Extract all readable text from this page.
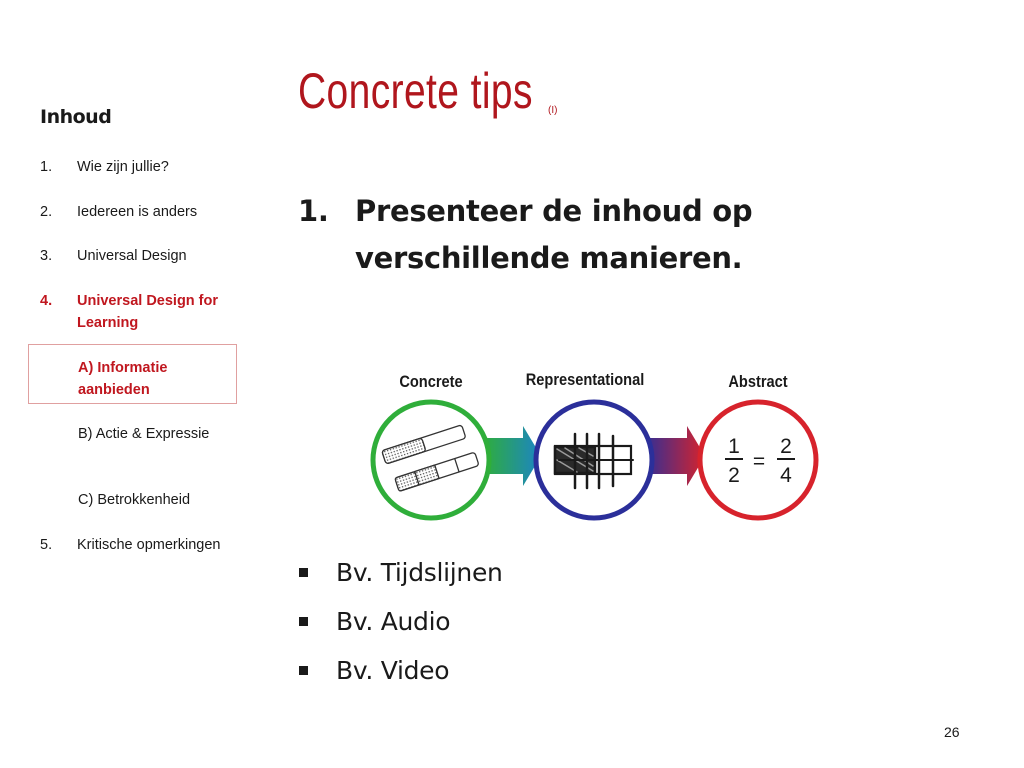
Inhoud
1. Wie zijn jullie?
2. Iedereen is anders
3. Universal Design
4. Universal Design for Learning
A) Informatie aanbieden
B) Actie & Expressie
C) Betrokkenheid
5. Kritische opmerkingen
Concrete tips (I)
1. Presenteer de inhoud op verschillende manieren.
Concrete	Representational	Abstract
1
2
=
2
4
Bv. Tijdslijnen
Bv. Audio
Bv. Video
26
